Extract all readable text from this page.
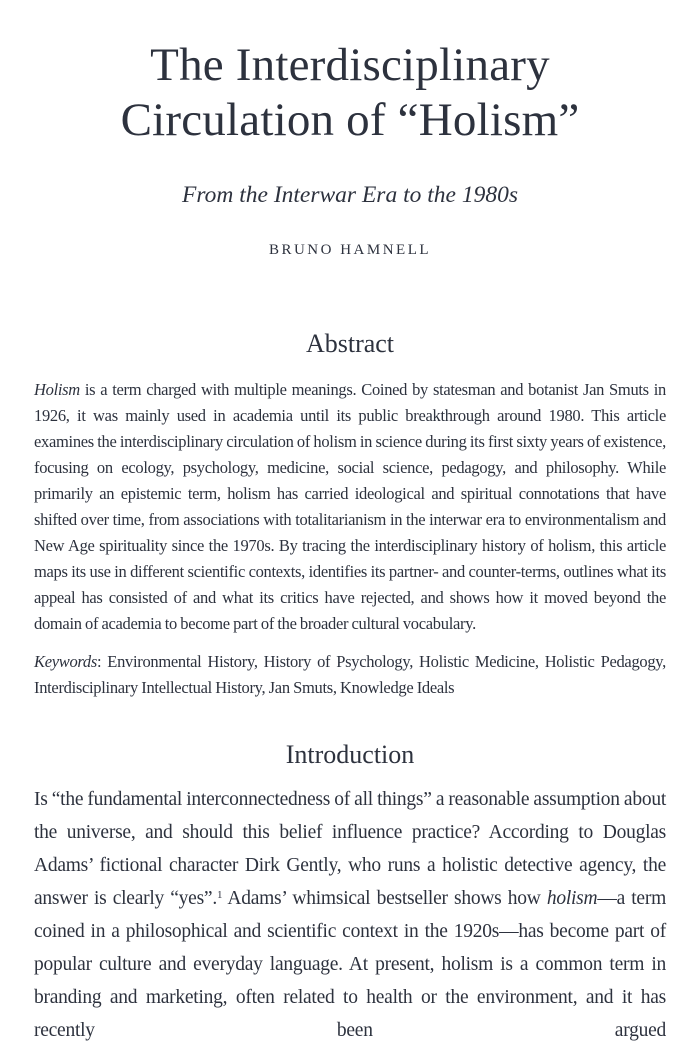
The Interdisciplinary
Circulation of “Holism”
From the Interwar Era to the 1980s
BRUNO HAMNELL
Abstract

Holism is a term charged with multiple meanings. Coined by statesman and botanist Jan Smuts in 1926, it was mainly used in academia until its public breakthrough around 1980. This article examines the interdisciplinary circulation of holism in science during its first sixty years of existence, focusing on ecology, psychology, medicine, social science, pedagogy, and philosophy. While primarily an epistemic term, holism has carried ideological and spiritual connotations that have shifted over time, from associations with totalitarianism in the interwar era to environmentalism and New Age spirituality since the 1970s. By tracing the interdisciplinary history of holism, this article maps its use in different scientific contexts, identifies its partner- and counter-terms, outlines what its appeal has consisted of and what its critics have rejected, and shows how it moved beyond the domain of academia to become part of the broader cultural vocabulary.

Keywords: Environmental History, History of Psychology, Holistic Medicine, Holistic Pedagogy, Interdisciplinary Intellectual History, Jan Smuts, Knowledge Ideals

Introduction

Is “the fundamental interconnectedness of all things” a reasonable assumption about the universe, and should this belief influence practice? According to Douglas Adams’ fictional character Dirk Gently, who runs a holistic detective agency, the answer is clearly “yes”.$^1$ Adams’ whimsical bestseller shows how holism—a term coined in a philosophical and scientific context in the 1920s—has become part of popular culture and everyday language. At present, holism is a common term in branding and marketing, often related to health or the environment, and it has recently been argued
